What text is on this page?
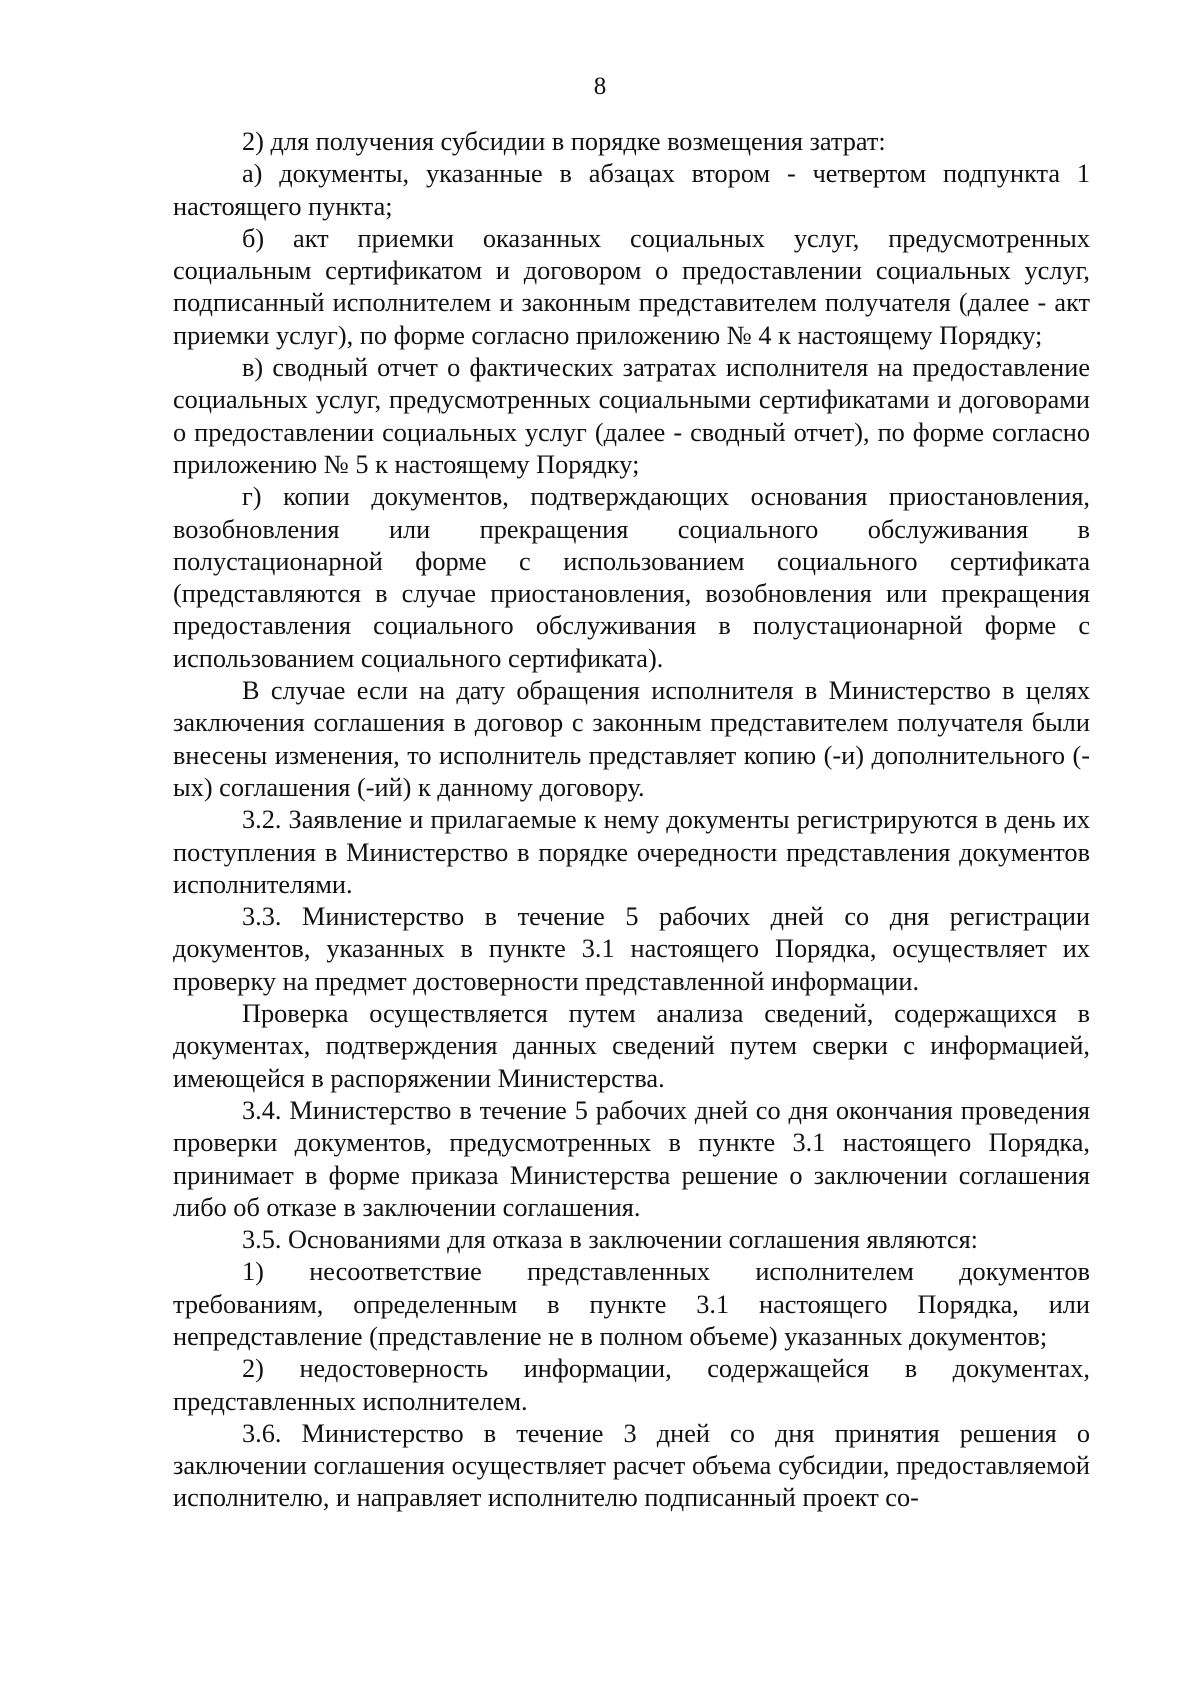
8

2) для получения субсидии в порядке возмещения затрат:

а) документы, указанные в абзацах втором - четвертом подпункта 1 настоящего пункта;

б) акт приемки оказанных социальных услуг, предусмотренных социальным сертификатом и договором о предоставлении социальных услуг, подписанный исполнителем и законным представителем получателя (далее - акт приемки услуг), по форме согласно приложению № 4 к настоящему Порядку;

в) сводный отчет о фактических затратах исполнителя на предоставление социальных услуг, предусмотренных социальными сертификатами и договорами о предоставлении социальных услуг (далее - сводный отчет), по форме согласно приложению № 5 к настоящему Порядку;

г) копии документов, подтверждающих основания приостановления, возобновления или прекращения социального обслуживания в полустационарной форме с использованием социального сертификата (представляются в случае приостановления, возобновления или прекращения предоставления социального обслуживания в полустационарной форме с использованием социального сертификата).

В случае если на дату обращения исполнителя в Министерство в целях заключения соглашения в договор с законным представителем получателя были внесены изменения, то исполнитель представляет копию (-и) дополнительного (-ых) соглашения (-ий) к данному договору.

3.2. Заявление и прилагаемые к нему документы регистрируются в день их поступления в Министерство в порядке очередности представления документов исполнителями.

3.3. Министерство в течение 5 рабочих дней со дня регистрации документов, указанных в пункте 3.1 настоящего Порядка, осуществляет их проверку на предмет достоверности представленной информации.

Проверка осуществляется путем анализа сведений, содержащихся в документах, подтверждения данных сведений путем сверки с информацией, имеющейся в распоряжении Министерства.

3.4. Министерство в течение 5 рабочих дней со дня окончания проведения проверки документов, предусмотренных в пункте 3.1 настоящего Порядка, принимает в форме приказа Министерства решение о заключении соглашения либо об отказе в заключении соглашения.

3.5. Основаниями для отказа в заключении соглашения являются:

1) несоответствие представленных исполнителем документов требованиям, определенным в пункте 3.1 настоящего Порядка, или непредставление (представление не в полном объеме) указанных документов;

2) недостоверность информации, содержащейся в документах, представленных исполнителем.

3.6. Министерство в течение 3 дней со дня принятия решения о заключении соглашения осуществляет расчет объема субсидии, предоставляемой исполнителю, и направляет исполнителю подписанный проект со-
